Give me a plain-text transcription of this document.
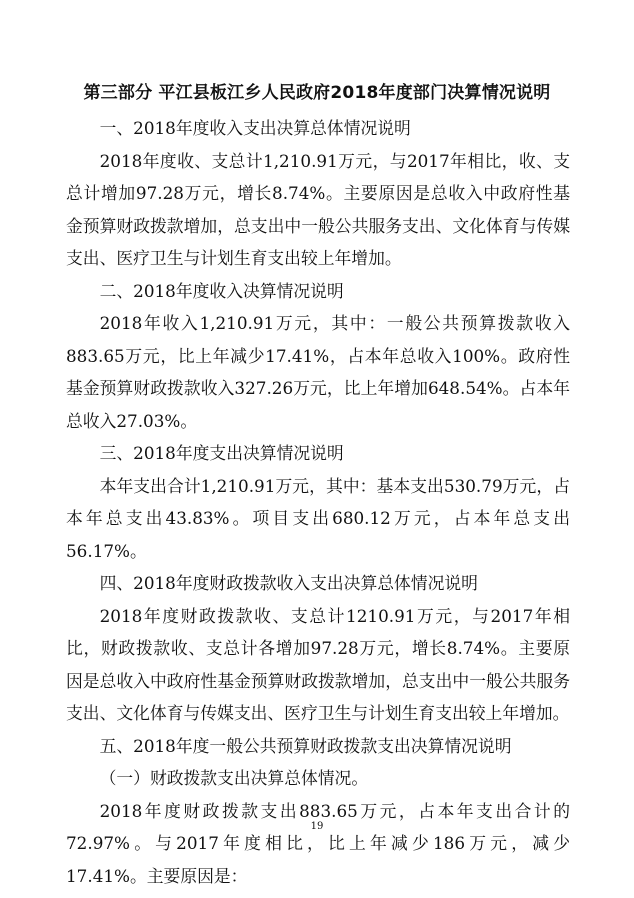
第三部分 平江县板江乡人民政府2018年度部门决算情况说明

一、2018年度收入支出决算总体情况说明

2018年度收、支总计1,210.91万元，与2017年相比，收、支总计增加97.28万元，增长8.74%。主要原因是总收入中政府性基金预算财政拨款增加，总支出中一般公共服务支出、文化体育与传媒支出、医疗卫生与计划生育支出较上年增加。

二、2018年度收入决算情况说明

2018年收入1,210.91万元，其中：一般公共预算拨款收入883.65万元，比上年减少17.41%，占本年总收入100%。政府性基金预算财政拨款收入327.26万元，比上年增加648.54%。占本年总收入27.03%。

三、2018年度支出决算情况说明

本年支出合计1,210.91万元，其中：基本支出530.79万元，占本年总支出43.83%。项目支出680.12万元，占本年总支出56.17%。

四、2018年度财政拨款收入支出决算总体情况说明

2018年度财政拨款收、支总计1210.91万元，与2017年相比，财政拨款收、支总计各增加97.28万元，增长8.74%。主要原因是总收入中政府性基金预算财政拨款增加，总支出中一般公共服务支出、文化体育与传媒支出、医疗卫生与计划生育支出较上年增加。

五、2018年度一般公共预算财政拨款支出决算情况说明

（一）财政拨款支出决算总体情况。

2018年度财政拨款支出883.65万元，占本年支出合计的72.97%。与2017年度相比，比上年减少186万元，减少17.41%。主要原因是：

19
